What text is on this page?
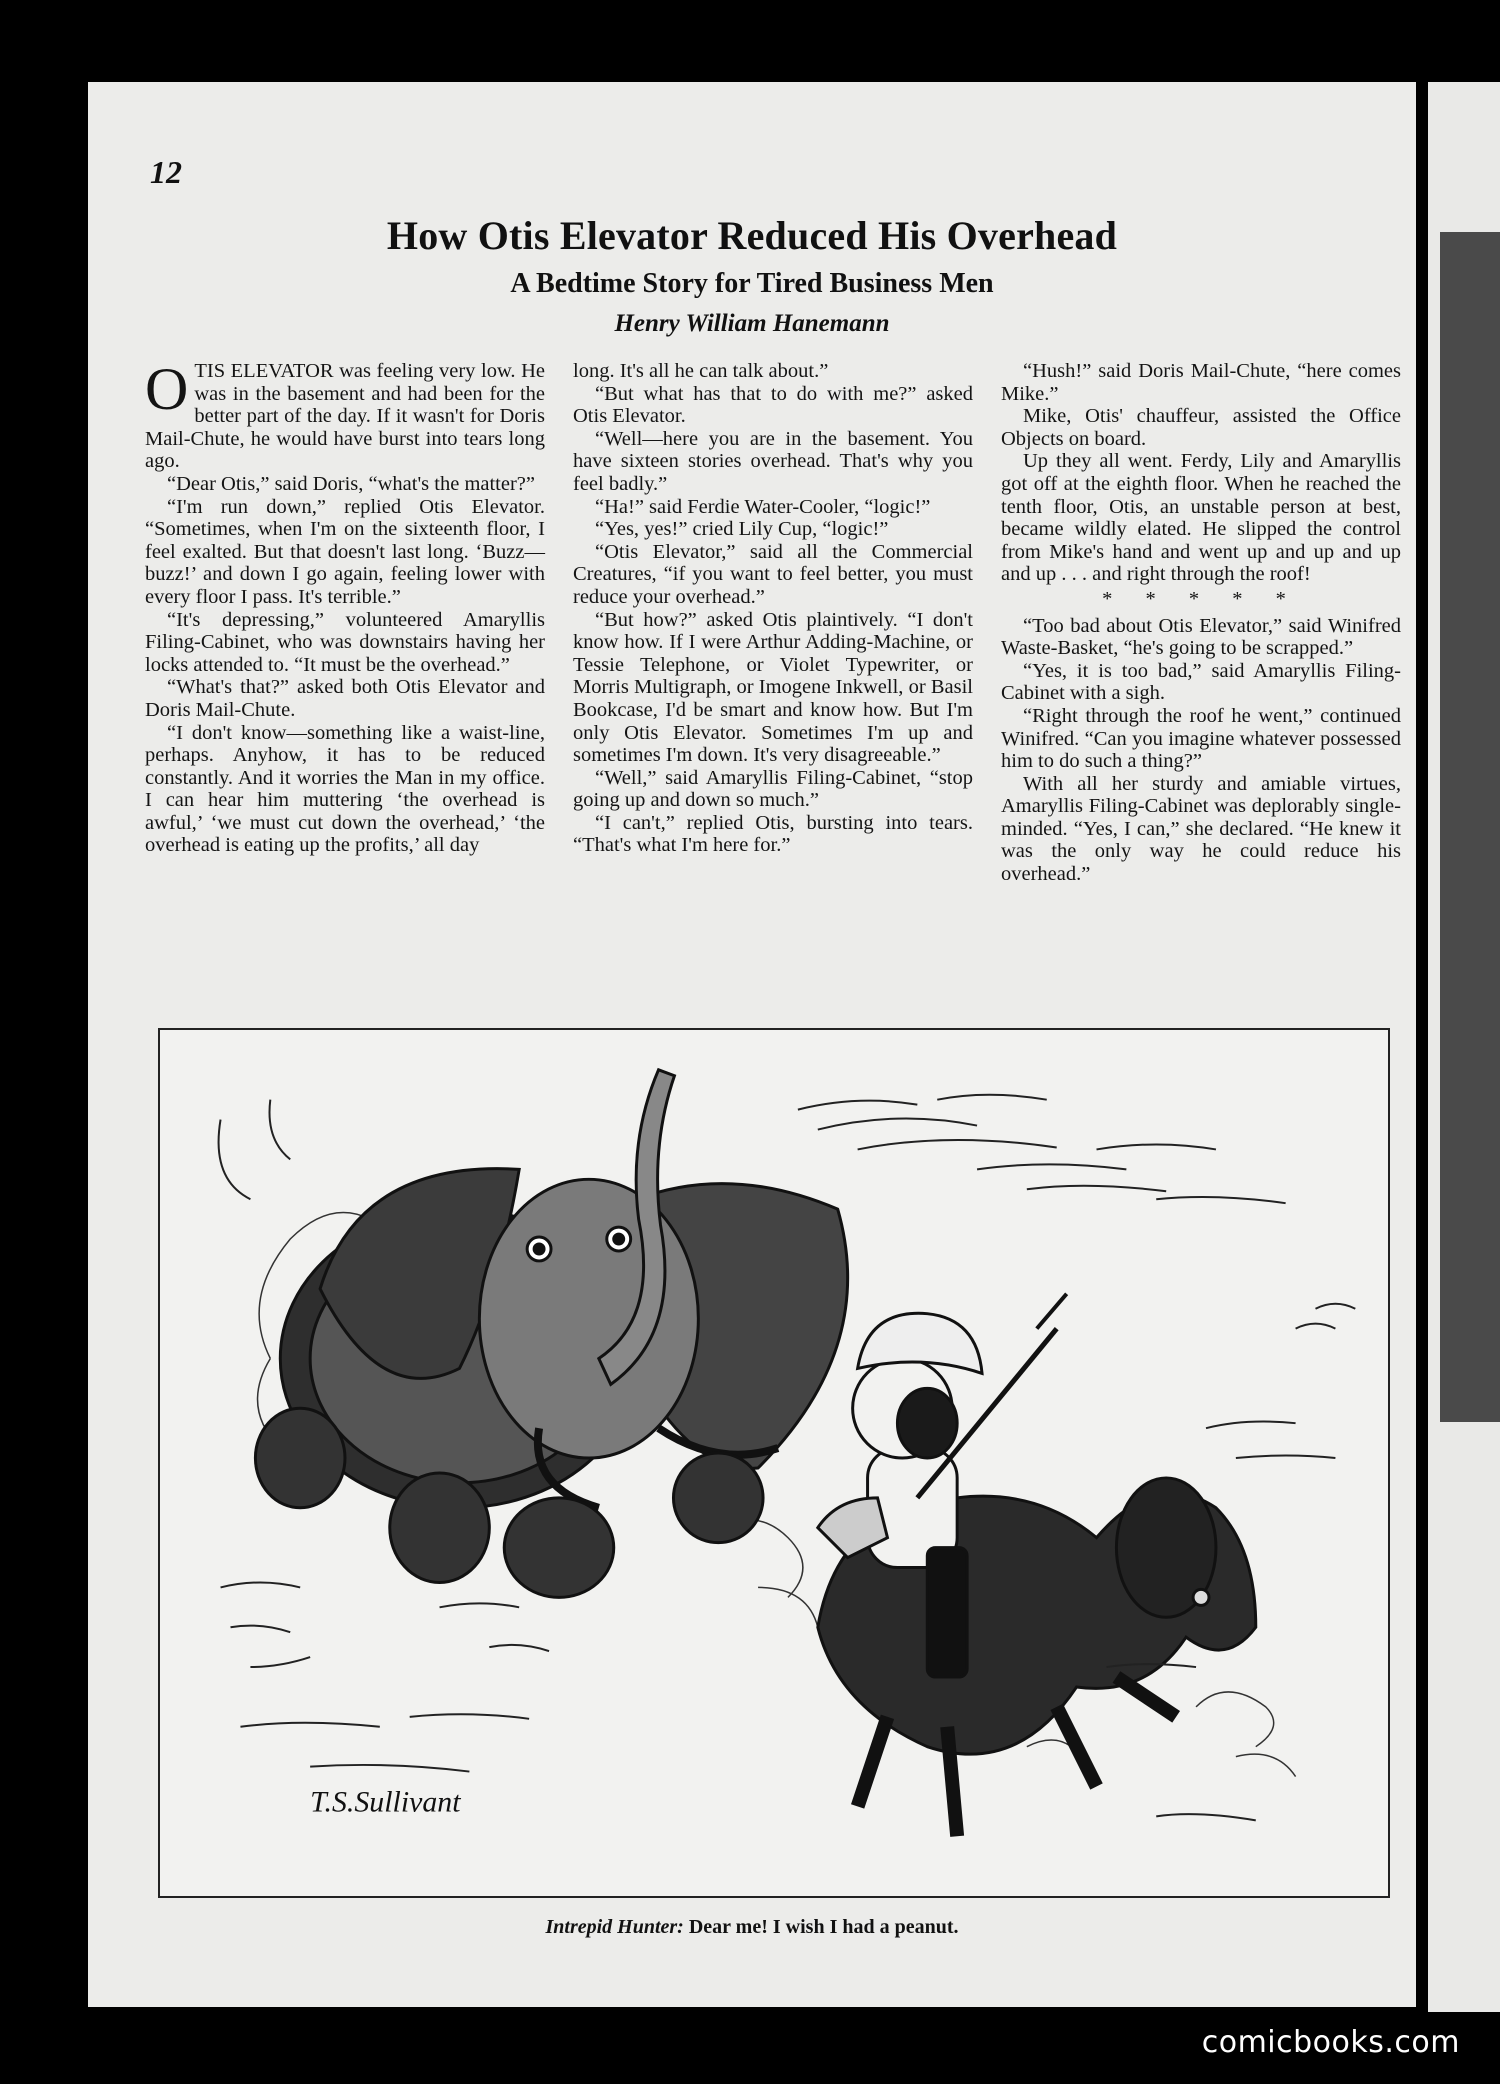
12
How Otis Elevator Reduced His Overhead
A Bedtime Story for Tired Business Men
Henry William Hanemann

OTIS ELEVATOR was feeling very low. He was in the basement and had been for the better part of the day. If it wasn't for Doris Mail-Chute, he would have burst into tears long ago.

“Dear Otis,” said Doris, “what's the matter?”

“I'm run down,” replied Otis Elevator. “Sometimes, when I'm on the sixteenth floor, I feel exalted. But that doesn't last long. ‘Buzz—buzz!’ and down I go again, feeling lower with every floor I pass. It's terrible.”

“It's depressing,” volunteered Amaryllis Filing-Cabinet, who was downstairs having her locks attended to. “It must be the overhead.”

“What's that?” asked both Otis Elevator and Doris Mail-Chute.

“I don't know—something like a waist-line, perhaps. Anyhow, it has to be reduced constantly. And it worries the Man in my office. I can hear him muttering ‘the overhead is awful,’ ‘we must cut down the overhead,’ ‘the overhead is eating up the profits,’ all day

long. It's all he can talk about.”

“But what has that to do with me?” asked Otis Elevator.

“Well—here you are in the basement. You have sixteen stories overhead. That's why you feel badly.”

“Ha!” said Ferdie Water-Cooler, “logic!”

“Yes, yes!” cried Lily Cup, “logic!”

“Otis Elevator,” said all the Commercial Creatures, “if you want to feel better, you must reduce your overhead.”

“But how?” asked Otis plaintively. “I don't know how. If I were Arthur Adding-Machine, or Tessie Telephone, or Violet Typewriter, or Morris Multigraph, or Imogene Inkwell, or Basil Bookcase, I'd be smart and know how. But I'm only Otis Elevator. Sometimes I'm up and sometimes I'm down. It's very disagreeable.”

“Well,” said Amaryllis Filing-Cabinet, “stop going up and down so much.”

“I can't,” replied Otis, bursting into tears. “That's what I'm here for.”

“Hush!” said Doris Mail-Chute, “here comes Mike.”

Mike, Otis' chauffeur, assisted the Office Objects on board.

Up they all went. Ferdy, Lily and Amaryllis got off at the eighth floor. When he reached the tenth floor, Otis, an unstable person at best, became wildly elated. He slipped the control from Mike's hand and went up and up and up and up . . . and right through the roof!

* * * * *

“Too bad about Otis Elevator,” said Winifred Waste-Basket, “he's going to be scrapped.”

“Yes, it is too bad,” said Amaryllis Filing-Cabinet with a sigh.

“Right through the roof he went,” continued Winifred. “Can you imagine whatever possessed him to do such a thing?”

With all her sturdy and amiable virtues, Amaryllis Filing-Cabinet was deplorably single-minded. “Yes, I can,” she declared. “He knew it was the only way he could reduce his overhead.”

T.S.Sullivant
Intrepid Hunter: Dear me! I wish I had a peanut.
comicbooks.com
